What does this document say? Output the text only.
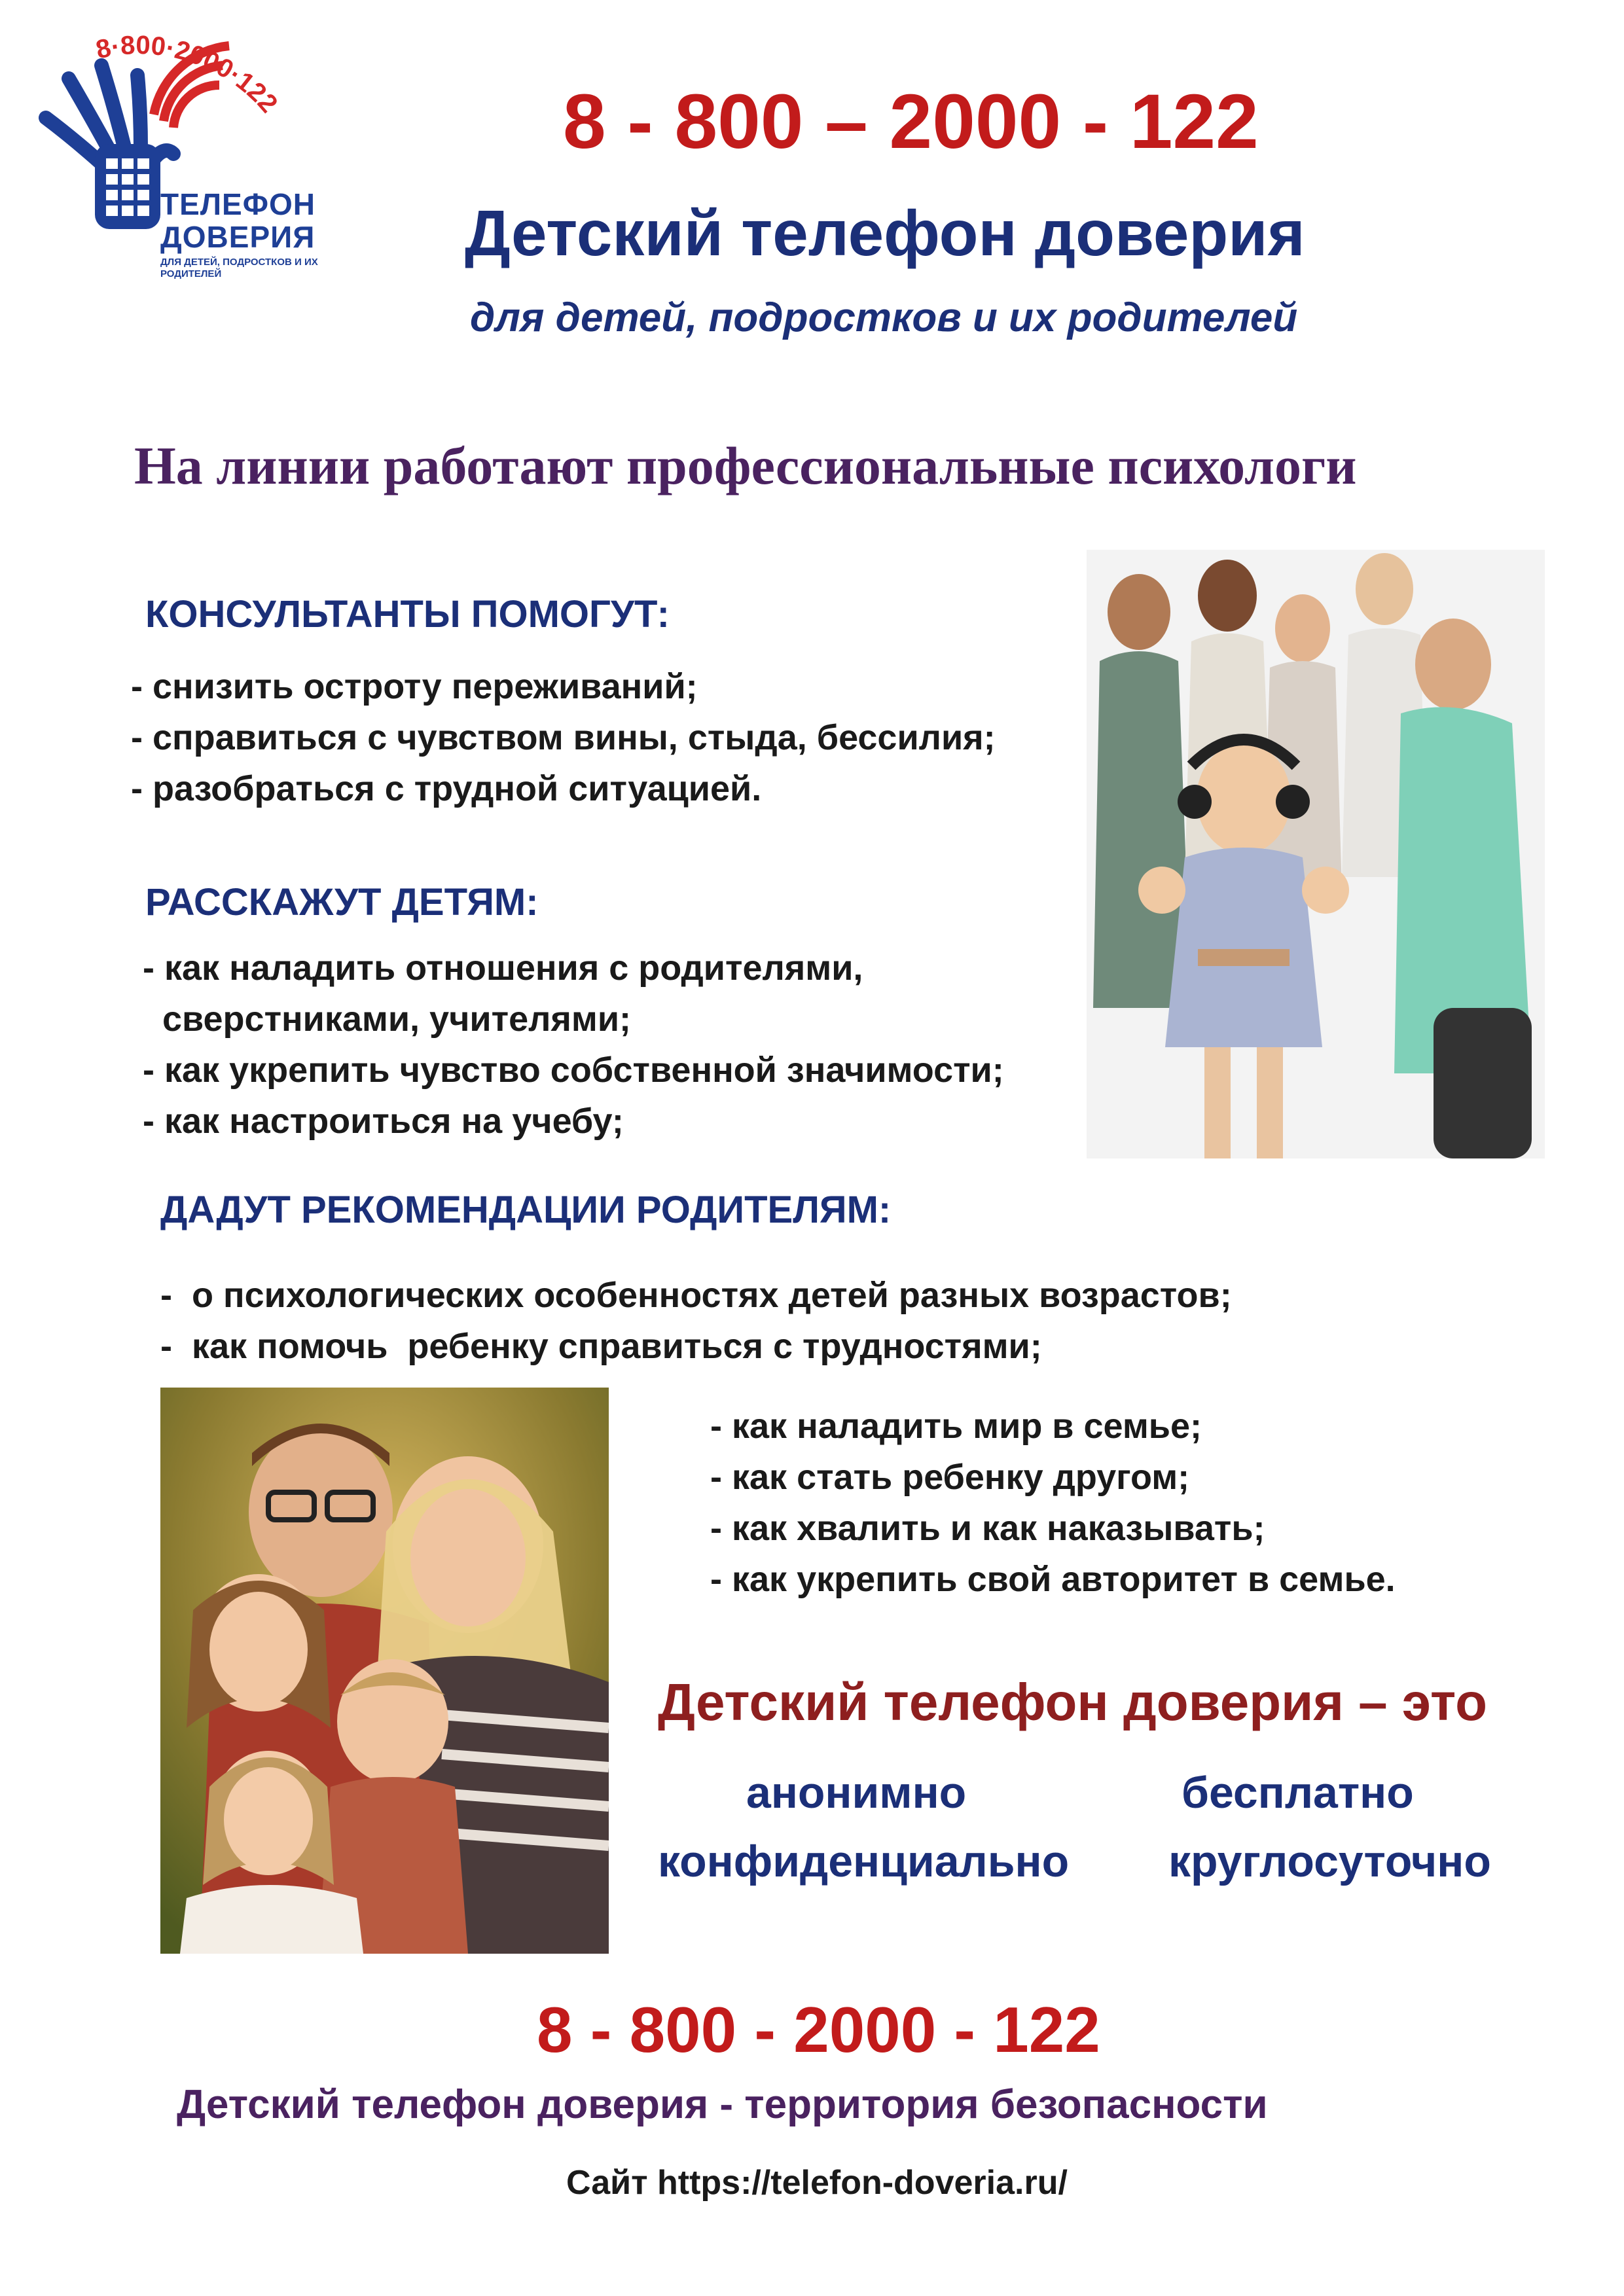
8·800·2000·122
ТЕЛЕФОН
ДОВЕРИЯ
ДЛЯ ДЕТЕЙ, ПОДРОСТКОВ И ИХ РОДИТЕЛЕЙ
8 - 800 – 2000 - 122
Детский телефон доверия
для детей, подростков и их родителей
На линии работают профессиональные психологи
КОНСУЛЬТАНТЫ ПОМОГУТ:
- снизить остроту переживаний;
- справиться с чувством вины, стыда, бессилия;
- разобраться с трудной ситуацией.
РАССКАЖУТ ДЕТЯМ:
- как наладить отношения с родителями,
сверстниками, учителями;
- как укрепить чувство собственной значимости;
- как настроиться на учебу;
ДАДУТ РЕКОМЕНДАЦИИ РОДИТЕЛЯМ:
-  о психологических особенностях детей разных возрастов;
-  как помочь  ребенку справиться с трудностями;
- как наладить мир в семье;
- как стать ребенку другом;
- как хвалить и как наказывать;
- как укрепить свой авторитет в семье.
Детский телефон доверия – это
анонимно	бесплатно
конфиденциально круглосуточно
8 - 800 - 2000 - 122
Детский телефон доверия - территория безопасности
Сайт https://telefon-doveria.ru/
